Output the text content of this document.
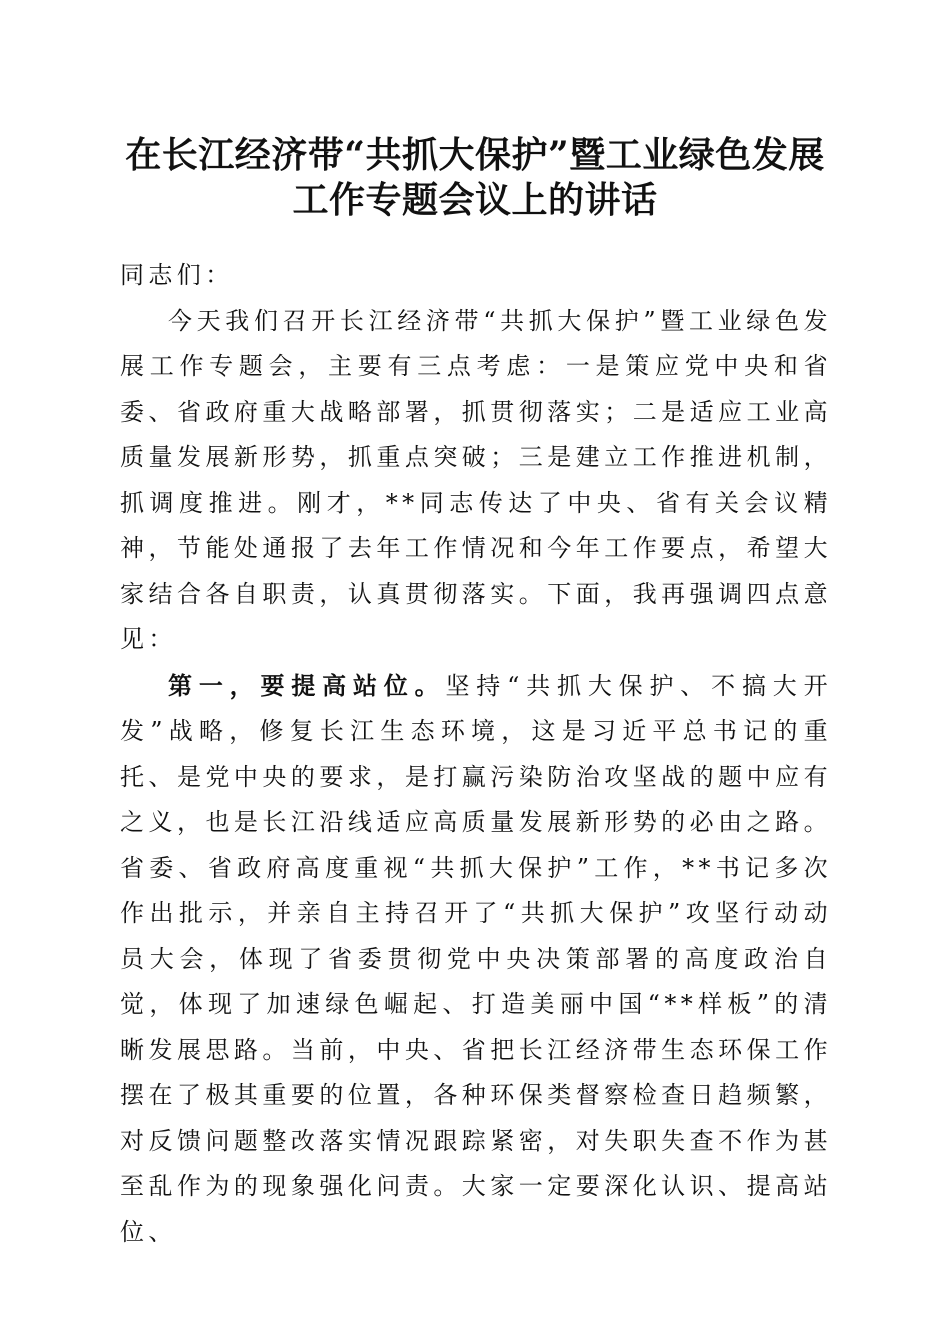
在长江经济带“共抓大保护”暨工业绿色发展
工作专题会议上的讲话

同志们：

今天我们召开长江经济带“共抓大保护”暨工业绿色发展工作专题会，主要有三点考虑：一是策应党中央和省委、省政府重大战略部署，抓贯彻落实；二是适应工业高质量发展新形势，抓重点突破；三是建立工作推进机制，抓调度推进。刚才，**同志传达了中央、省有关会议精神，节能处通报了去年工作情况和今年工作要点，希望大家结合各自职责，认真贯彻落实。下面，我再强调四点意见：

第一，要提高站位。坚持“共抓大保护、不搞大开发”战略，修复长江生态环境，这是习近平总书记的重托、是党中央的要求，是打赢污染防治攻坚战的题中应有之义，也是长江沿线适应高质量发展新形势的必由之路。省委、省政府高度重视“共抓大保护”工作，**书记多次作出批示，并亲自主持召开了“共抓大保护”攻坚行动动员大会，体现了省委贯彻党中央决策部署的高度政治自觉，体现了加速绿色崛起、打造美丽中国“**样板”的清晰发展思路。当前，中央、省把长江经济带生态环保工作摆在了极其重要的位置，各种环保类督察检查日趋频繁，对反馈问题整改落实情况跟踪紧密，对失职失查不作为甚至乱作为的现象强化问责。大家一定要深化认识、提高站位、
